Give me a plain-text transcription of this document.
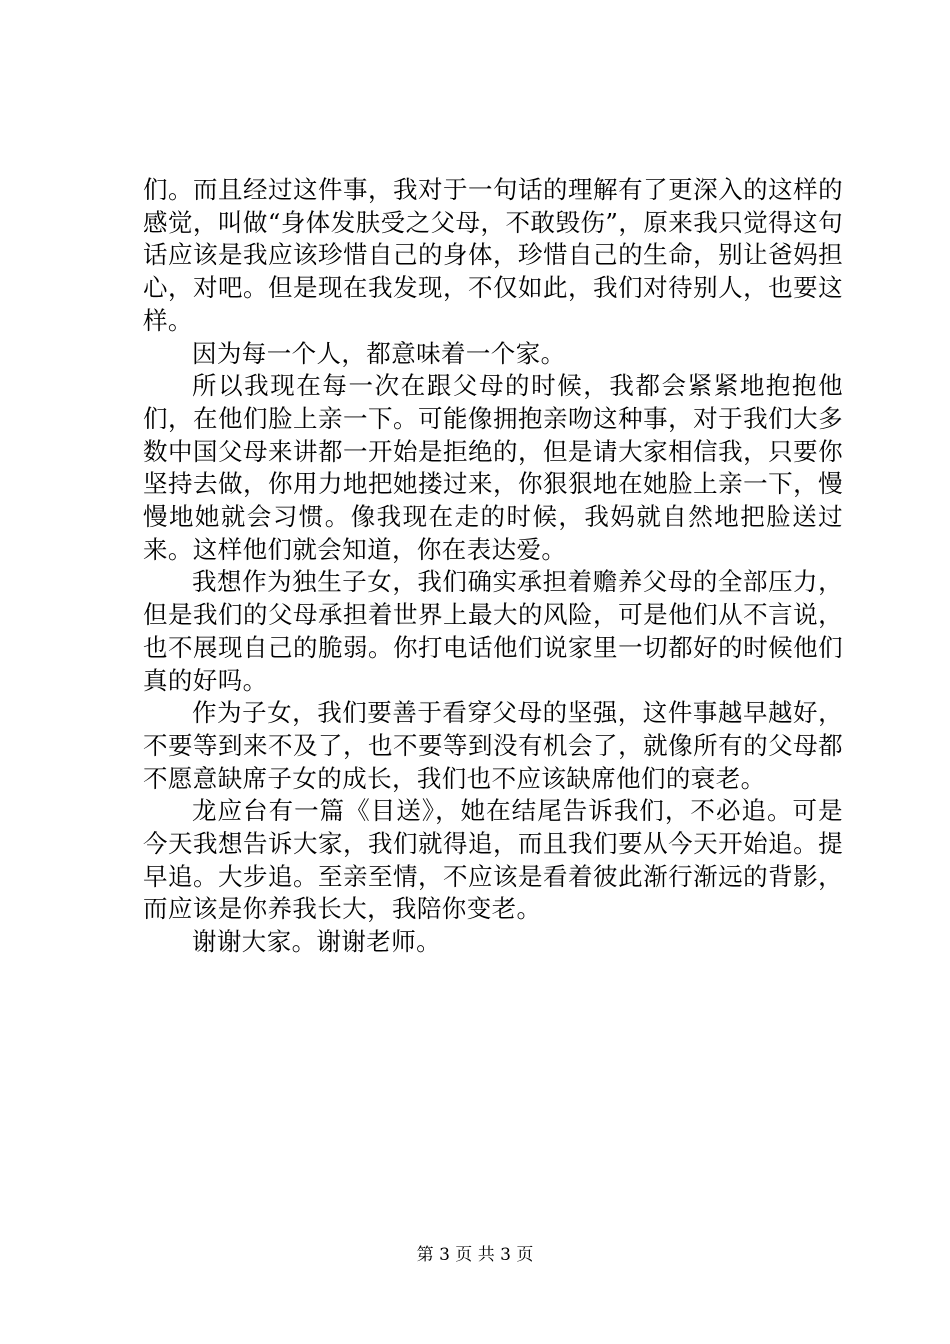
们。而且经过这件事，我对于一句话的理解有了更深入的这样的感觉，叫做“身体发肤受之父母，不敢毁伤”，原来我只觉得这句话应该是我应该珍惜自己的身体，珍惜自己的生命，别让爸妈担心，对吧。但是现在我发现，不仅如此，我们对待别人，也要这样。

因为每一个人，都意味着一个家。

所以我现在每一次在跟父母的时候，我都会紧紧地抱抱他们，在他们脸上亲一下。可能像拥抱亲吻这种事，对于我们大多数中国父母来讲都一开始是拒绝的，但是请大家相信我，只要你坚持去做，你用力地把她搂过来，你狠狠地在她脸上亲一下，慢慢地她就会习惯。像我现在走的时候，我妈就自然地把脸送过来。这样他们就会知道，你在表达爱。

我想作为独生子女，我们确实承担着赡养父母的全部压力，但是我们的父母承担着世界上最大的风险，可是他们从不言说，也不展现自己的脆弱。你打电话他们说家里一切都好的时候他们真的好吗。

作为子女，我们要善于看穿父母的坚强，这件事越早越好，不要等到来不及了，也不要等到没有机会了，就像所有的父母都不愿意缺席子女的成长，我们也不应该缺席他们的衰老。

龙应台有一篇《目送》，她在结尾告诉我们，不必追。可是今天我想告诉大家，我们就得追，而且我们要从今天开始追。提早追。大步追。至亲至情，不应该是看着彼此渐行渐远的背影，而应该是你养我长大，我陪你变老。

谢谢大家。谢谢老师。

第 3 页 共 3 页
